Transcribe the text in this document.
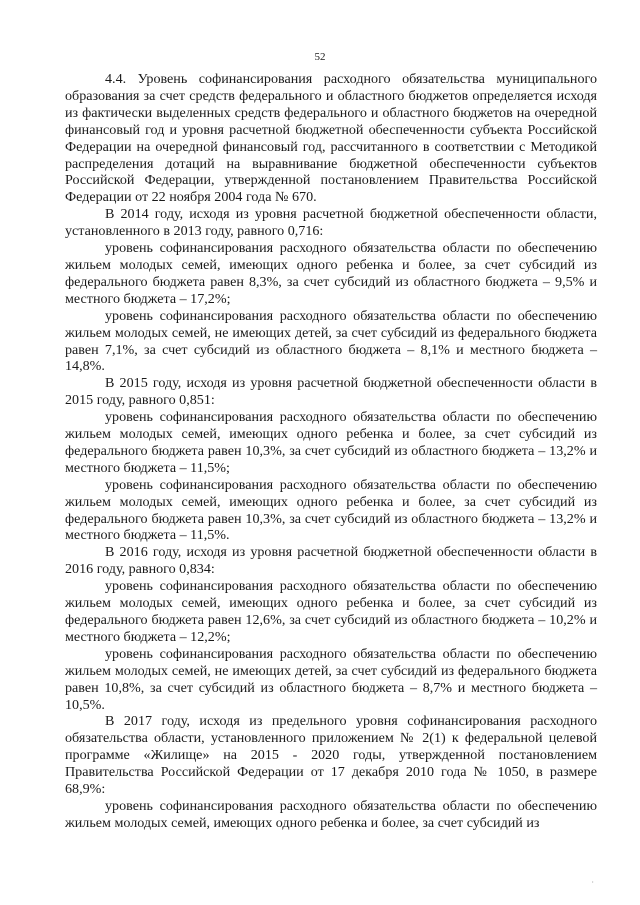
52

4.4. Уровень софинансирования расходного обязательства муниципального образования за счет средств федерального и областного бюджетов определяется исходя из фактически выделенных средств федерального и областного бюджетов на очередной финансовый год и уровня расчетной бюджетной обеспеченности субъекта Российской Федерации на очередной финансовый год, рассчитанного в соответствии с Методикой распределения дотаций на выравнивание бюджетной обеспеченности субъектов Российской Федерации, утвержденной постановлением Правительства Российской Федерации от 22 ноября 2004 года № 670.

В 2014 году, исходя из уровня расчетной бюджетной обеспеченности области, установленного в 2013 году, равного 0,716:

уровень софинансирования расходного обязательства области по обеспечению жильем молодых семей, имеющих одного ребенка и более, за счет субсидий из федерального бюджета равен 8,3%, за счет субсидий из областного бюджета – 9,5% и местного бюджета – 17,2%;

уровень софинансирования расходного обязательства области по обеспечению жильем молодых семей, не имеющих детей, за счет субсидий из федерального бюджета равен 7,1%, за счет субсидий из областного бюджета – 8,1% и местного бюджета – 14,8%.

В 2015 году, исходя из уровня расчетной бюджетной обеспеченности области в 2015 году, равного 0,851:

уровень софинансирования расходного обязательства области по обеспечению жильем молодых семей, имеющих одного ребенка и более, за счет субсидий из федерального бюджета равен 10,3%, за счет субсидий из областного бюджета – 13,2% и местного бюджета – 11,5%;

уровень софинансирования расходного обязательства области по обеспечению жильем молодых семей, имеющих одного ребенка и более, за счет субсидий из федерального бюджета равен 10,3%, за счет субсидий из областного бюджета – 13,2% и местного бюджета – 11,5%.

В 2016 году, исходя из уровня расчетной бюджетной обеспеченности области в 2016 году, равного 0,834:

уровень софинансирования расходного обязательства области по обеспечению жильем молодых семей, имеющих одного ребенка и более, за счет субсидий из федерального бюджета равен 12,6%, за счет субсидий из областного бюджета – 10,2% и местного бюджета – 12,2%;

уровень софинансирования расходного обязательства области по обеспечению жильем молодых семей, не имеющих детей, за счет субсидий из федерального бюджета равен 10,8%, за счет субсидий из областного бюджета – 8,7% и местного бюджета – 10,5%.

В 2017 году, исходя из предельного уровня софинансирования расходного обязательства области, установленного приложением № 2(1) к федеральной целевой программе «Жилище» на 2015 - 2020 годы, утвержденной постановлением Правительства Российской Федерации от 17 декабря 2010 года № 1050, в размере 68,9%:

уровень софинансирования расходного обязательства области по обеспечению жильем молодых семей, имеющих одного ребенка и более, за счет субсидий из

·
